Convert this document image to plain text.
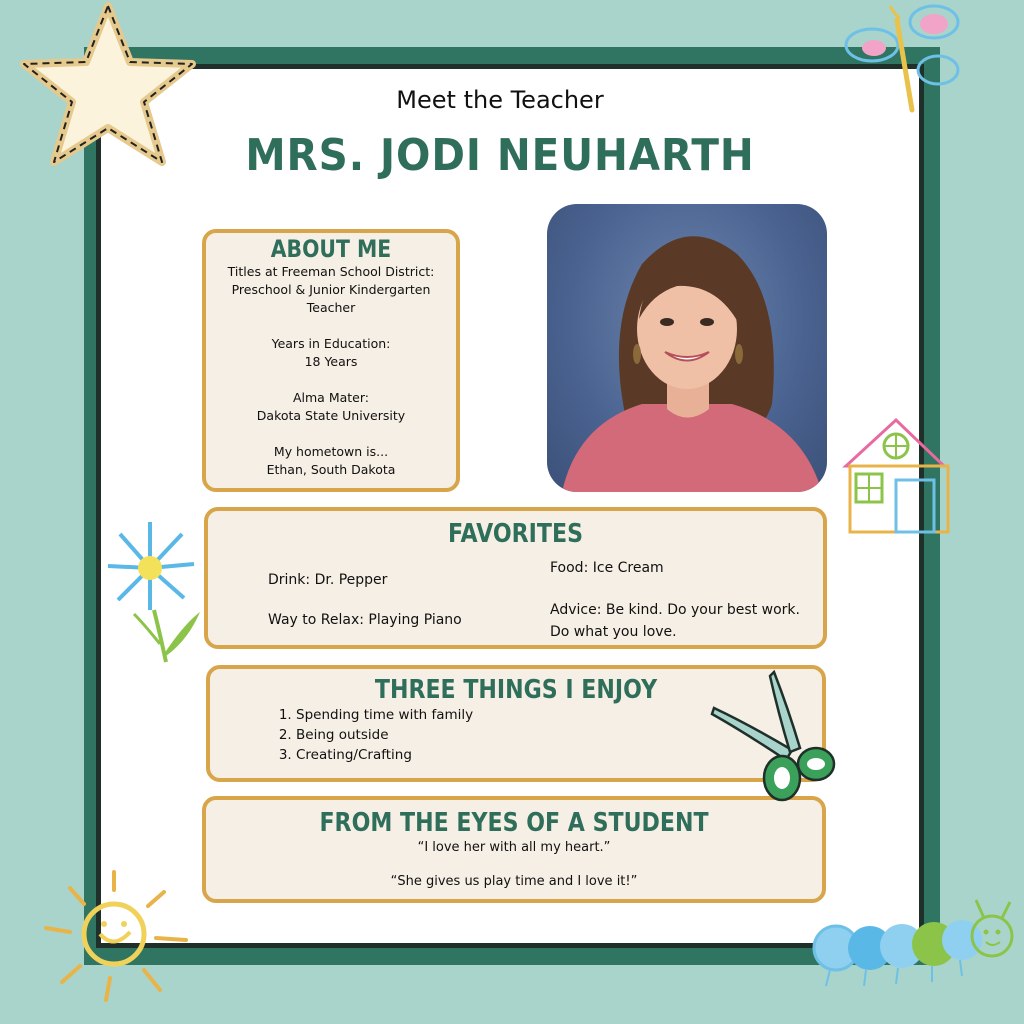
Meet the Teacher
MRS. JODI NEUHARTH
ABOUT ME
Titles at Freeman School District:
Preschool & Junior Kindergarten
Teacher
Years in Education:
18 Years
Alma Mater:
Dakota State University
My hometown is...
Ethan, South Dakota
FAVORITES
Drink: Dr. Pepper
Way to Relax: Playing Piano
Food: Ice Cream
Advice: Be kind. Do your best work.
Do what you love.
THREE THINGS I ENJOY
1. Spending time with family
2. Being outside
3. Creating/Crafting
FROM THE EYES OF A STUDENT
“I love her with all my heart.”
“She gives us play time and I love it!”
